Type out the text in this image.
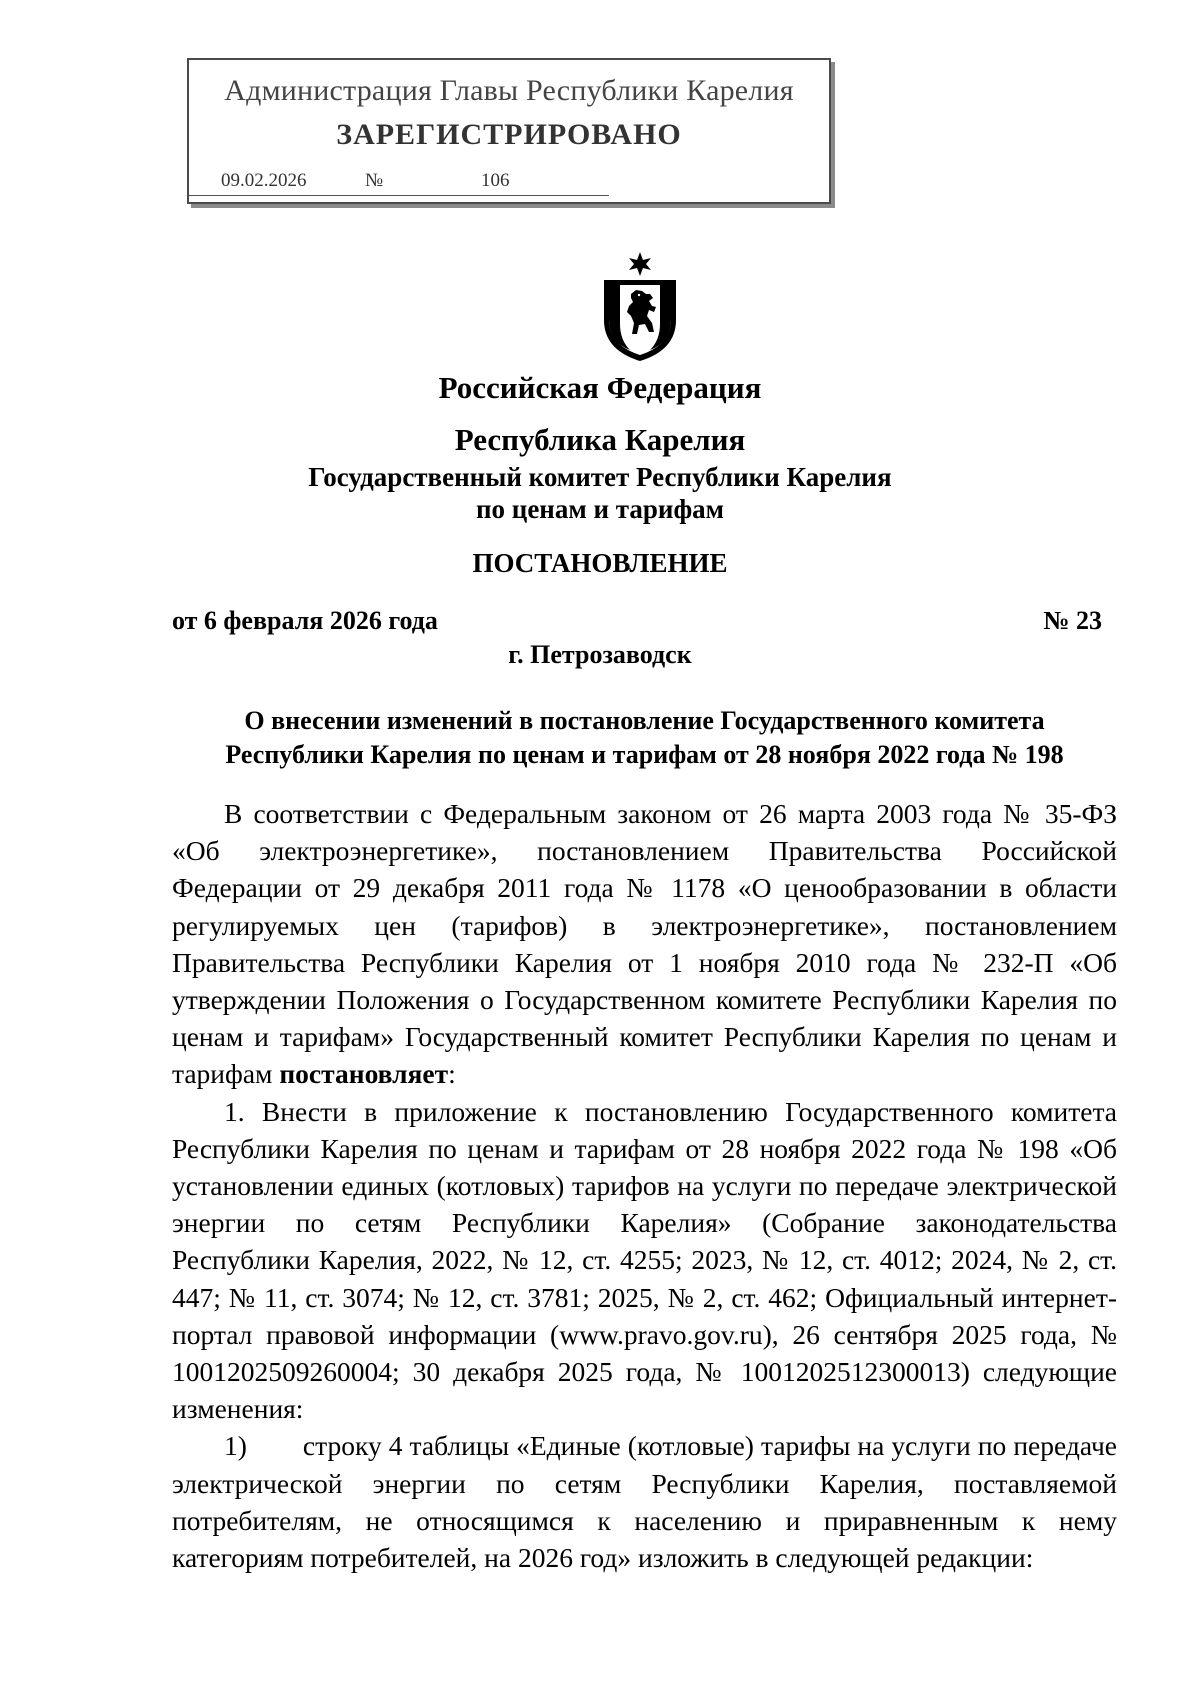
Администрация Главы Республики Карелия
ЗАРЕГИСТРИРОВАНО
09.02.2026	№	106
Российская Федерация
Республика Карелия
Государственный комитет Республики Карелия
по ценам и тарифам
ПОСТАНОВЛЕНИЕ
от 6 февраля 2026 года	№ 23
г. Петрозаводск
О внесении изменений в постановление Государственного комитета
Республики Карелия по ценам и тарифам от 28 ноября 2022 года № 198

В соответствии с Федеральным законом от 26 марта 2003 года № 35-ФЗ «Об электроэнергетике», постановлением Правительства Российской Федерации от 29 декабря 2011 года № 1178 «О ценообразовании в области регулируемых цен (тарифов) в электроэнергетике», постановлением Правительства Республики Карелия от 1 ноября 2010 года № 232-П «Об утверждении Положения о Государственном комитете Республики Карелия по ценам и тарифам» Государственный комитет Республики Карелия по ценам и тарифам постановляет:

1. Внести в приложение к постановлению Государственного комитета Республики Карелия по ценам и тарифам от 28 ноября 2022 года № 198 «Об установлении единых (котловых) тарифов на услуги по передаче электрической энергии по сетям Республики Карелия» (Собрание законодательства Республики Карелия, 2022, № 12, ст. 4255; 2023, № 12, ст. 4012; 2024, № 2, ст. 447; № 11, ст. 3074; № 12, ст. 3781; 2025, № 2, ст. 462; Официальный интернет-портал правовой информации (www.pravo.gov.ru), 26 сентября 2025 года, № 1001202509260004; 30 декабря 2025 года, № 1001202512300013) следующие изменения:

1) строку 4 таблицы «Единые (котловые) тарифы на услуги по передаче электрической энергии по сетям Республики Карелия, поставляемой потребителям, не относящимся к населению и приравненным к нему категориям потребителей, на 2026 год» изложить в следующей редакции:
